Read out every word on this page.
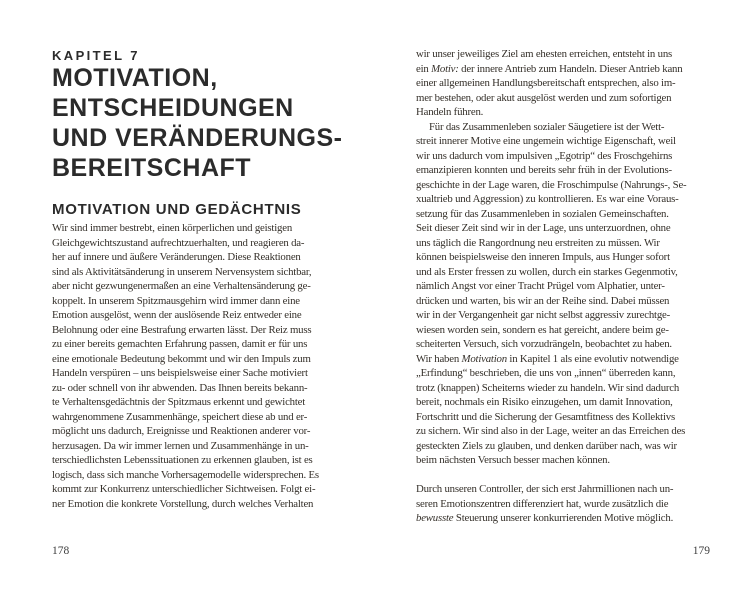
KAPITEL 7
MOTIVATION,
ENTSCHEIDUNGEN
UND VERÄNDERUNGS-
BEREITSCHAFT
MOTIVATION UND GEDÄCHTNIS
Wir sind immer bestrebt, einen körperlichen und geistigen
Gleichgewichtszustand aufrechtzuerhalten, und reagieren da-
her auf innere und äußere Veränderungen. Diese Reaktionen
sind als Aktivitätsänderung in unserem Nervensystem sichtbar,
aber nicht gezwungenermaßen an eine Verhaltensänderung ge-
koppelt. In unserem Spitzmausgehirn wird immer dann eine
Emotion ausgelöst, wenn der auslösende Reiz entweder eine
Belohnung oder eine Bestrafung erwarten lässt. Der Reiz muss
zu einer bereits gemachten Erfahrung passen, damit er für uns
eine emotionale Bedeutung bekommt und wir den Impuls zum
Handeln verspüren – uns beispielsweise einer Sache motiviert
zu- oder schnell von ihr abwenden. Das Ihnen bereits bekann-
te Verhaltensgedächtnis der Spitzmaus erkennt und gewichtet
wahrgenommene Zusammenhänge, speichert diese ab und er-
möglicht uns dadurch, Ereignisse und Reaktionen anderer vor-
herzusagen. Da wir immer lernen und Zusammenhänge in un-
terschiedlichsten Lebenssituationen zu erkennen glauben, ist es
logisch, dass sich manche Vorhersagemodelle widersprechen. Es
kommt zur Konkurrenz unterschiedlicher Sichtweisen. Folgt ei-
ner Emotion die konkrete Vorstellung, durch welches Verhalten
178
wir unser jeweiliges Ziel am ehesten erreichen, entsteht in uns
ein Motiv: der innere Antrieb zum Handeln. Dieser Antrieb kann
einer allgemeinen Handlungsbereitschaft entsprechen, also im-
mer bestehen, oder akut ausgelöst werden und zum sofortigen
Handeln führen.
Für das Zusammenleben sozialer Säugetiere ist der Wett-
streit innerer Motive eine ungemein wichtige Eigenschaft, weil
wir uns dadurch vom impulsiven „Egotrip“ des Froschgehirns
emanzipieren konnten und bereits sehr früh in der Evolutions-
geschichte in der Lage waren, die Froschimpulse (Nahrungs-, Se-
xualtrieb und Aggression) zu kontrollieren. Es war eine Voraus-
setzung für das Zusammenleben in sozialen Gemeinschaften.
Seit dieser Zeit sind wir in der Lage, uns unterzuordnen, ohne
uns täglich die Rangordnung neu erstreiten zu müssen. Wir
können beispielsweise den inneren Impuls, aus Hunger sofort
und als Erster fressen zu wollen, durch ein starkes Gegenmotiv,
nämlich Angst vor einer Tracht Prügel vom Alphatier, unter-
drücken und warten, bis wir an der Reihe sind. Dabei müssen
wir in der Vergangenheit gar nicht selbst aggressiv zurechtge-
wiesen worden sein, sondern es hat gereicht, andere beim ge-
scheiterten Versuch, sich vorzudrängeln, beobachtet zu haben.
Wir haben Motivation in Kapitel 1 als eine evolutiv notwendige
„Erfindung“ beschrieben, die uns von „innen“ überreden kann,
trotz (knappen) Scheiterns wieder zu handeln. Wir sind dadurch
bereit, nochmals ein Risiko einzugehen, um damit Innovation,
Fortschritt und die Sicherung der Gesamtfitness des Kollektivs
zu sichern. Wir sind also in der Lage, weiter an das Erreichen des
gesteckten Ziels zu glauben, und denken darüber nach, was wir
beim nächsten Versuch besser machen können.
Durch unseren Controller, der sich erst Jahrmillionen nach un-
seren Emotionszentren differenziert hat, wurde zusätzlich die
bewusste Steuerung unserer konkurrierenden Motive möglich.
179
